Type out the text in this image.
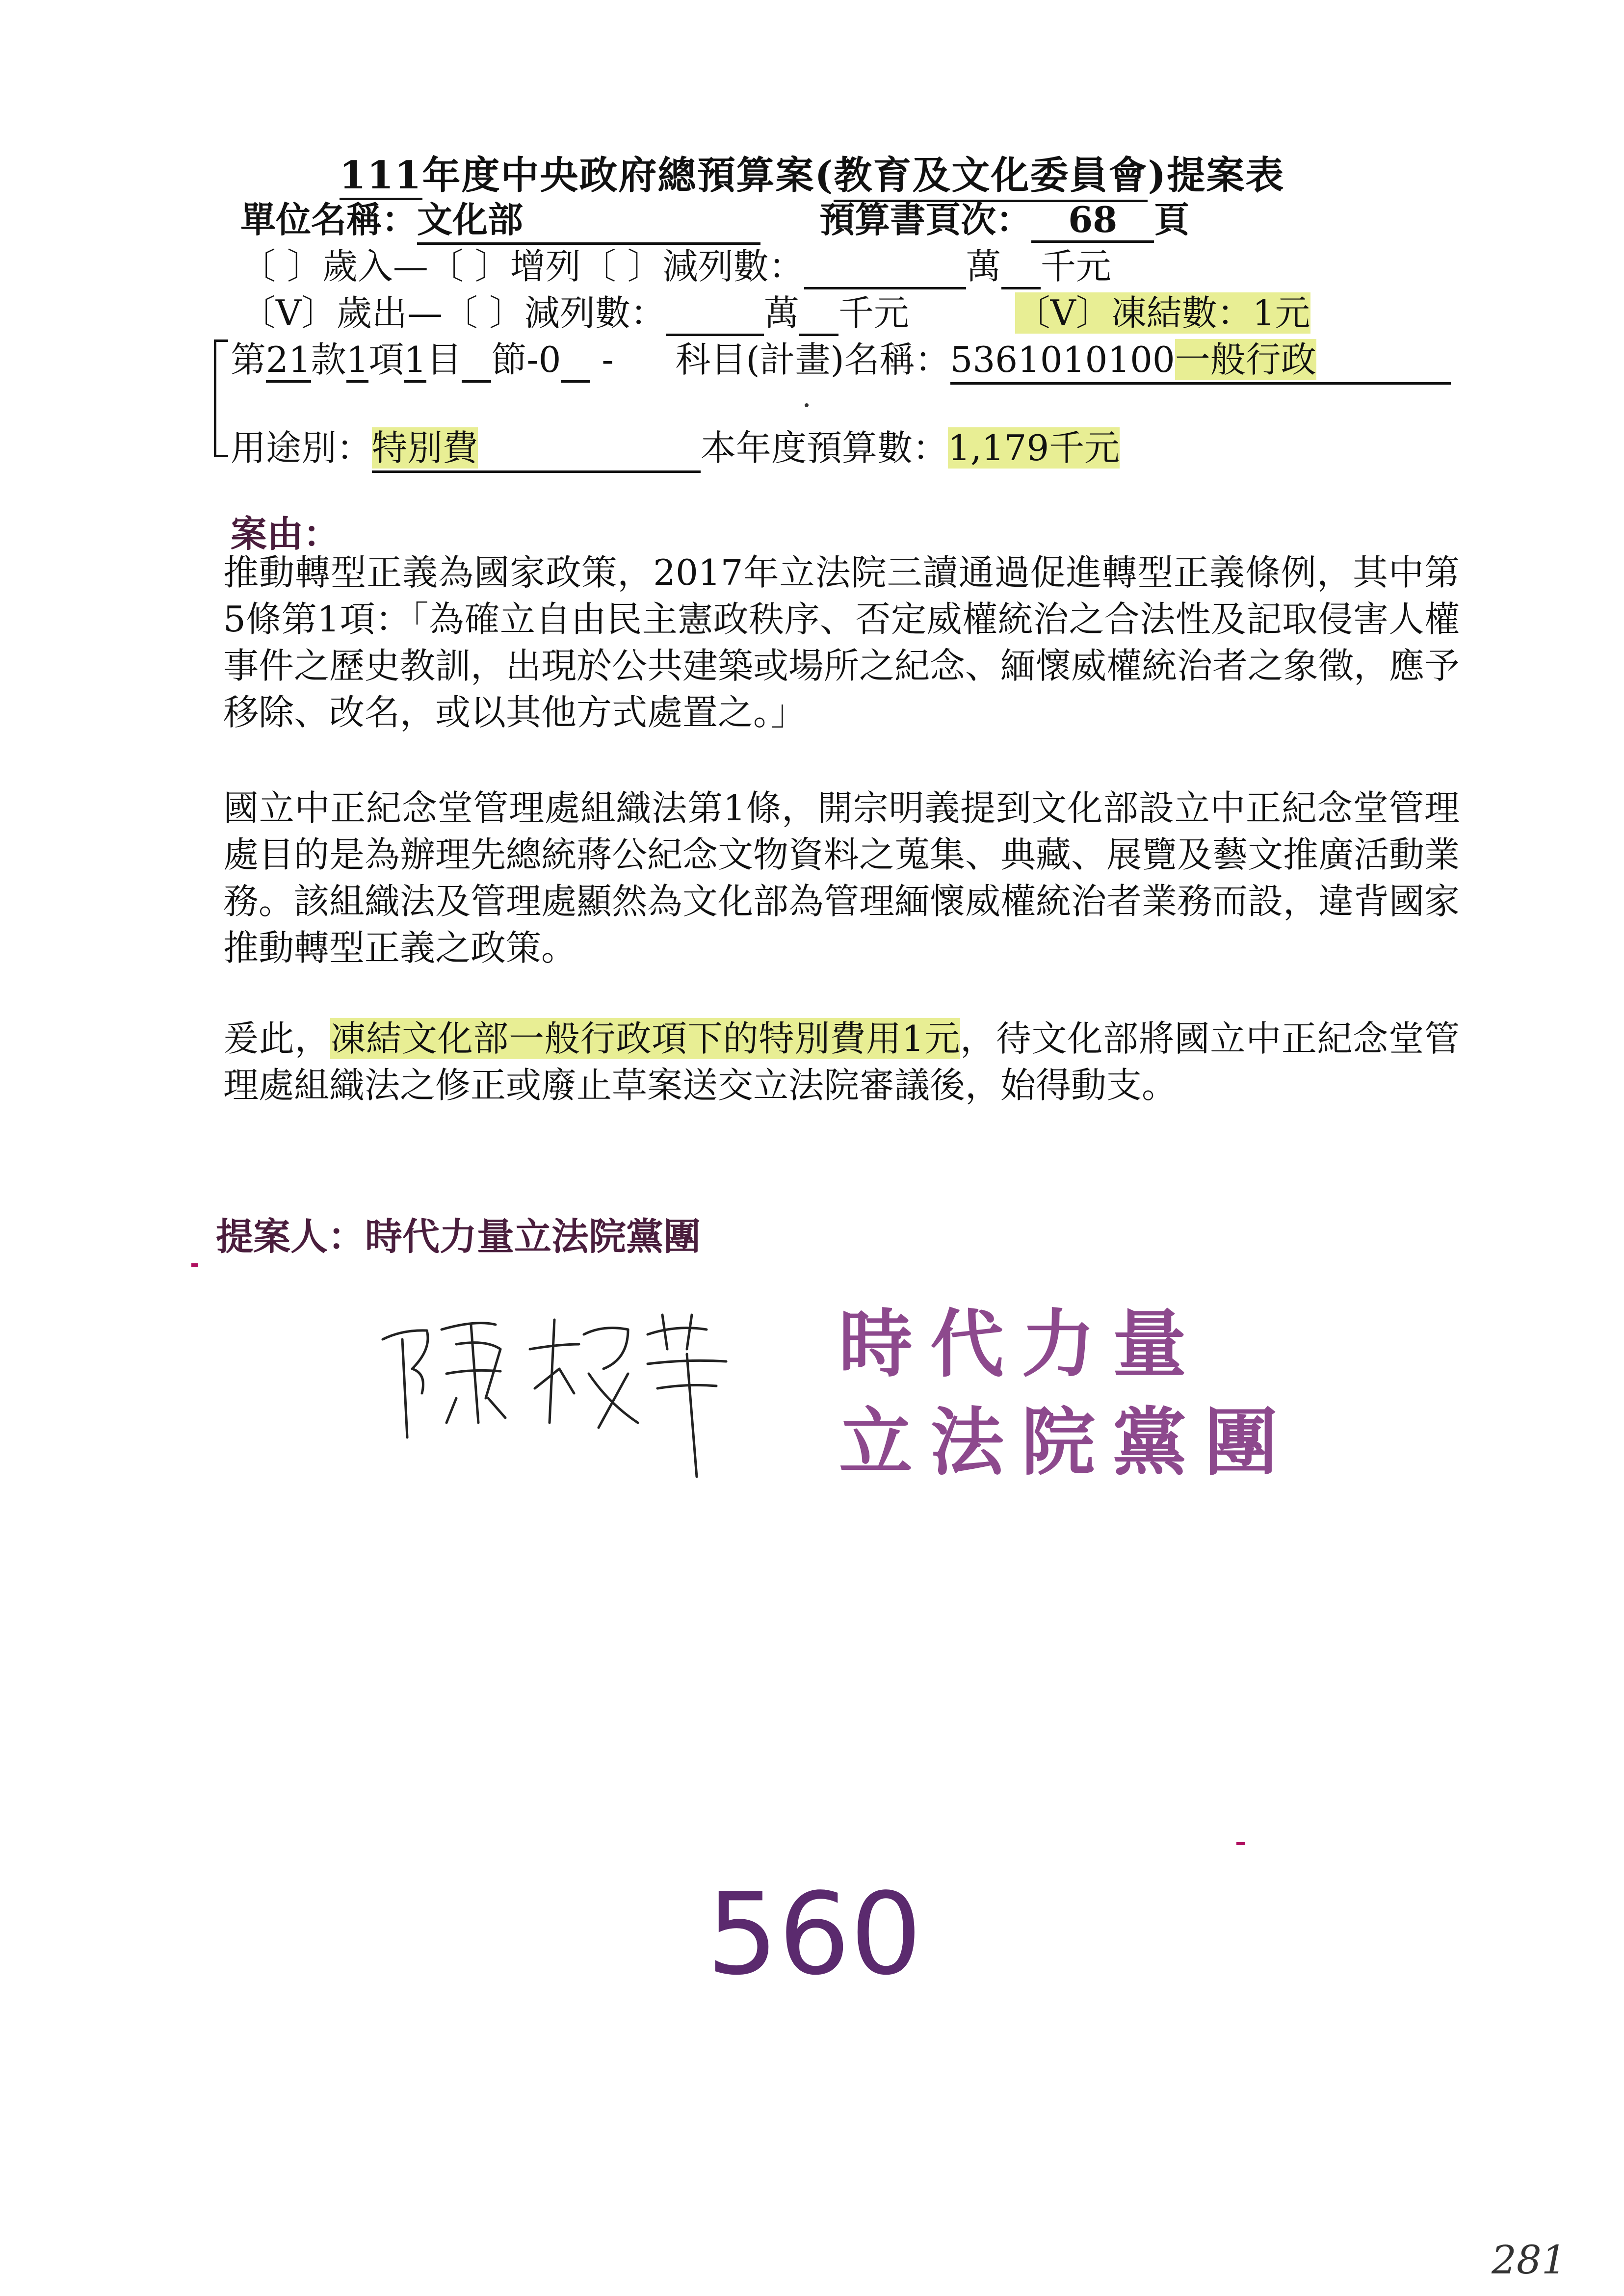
111年度中央政府總預算案(教育及文化委員會)提案表
單位名稱：文化部	預算書頁次： 68 頁
〔 〕歲入—〔 〕增列〔 〕減列數：	萬 千元
〔V〕歲出—〔 〕減列數：	萬 千元	〔V〕凍結數：1元
第21款1項1目 節-0 - 科目(計畫)名稱：5361010100一般行政
用途別：特別費	本年度預算數：1,179千元
案由：
推動轉型正義為國家政策，2017年立法院三讀通過促進轉型正義條例，其中第5條第1項：「為確立自由民主憲政秩序、否定威權統治之合法性及記取侵害人權事件之歷史教訓，出現於公共建築或場所之紀念、緬懷威權統治者之象徵，應予移除、改名，或以其他方式處置之。」
國立中正紀念堂管理處組織法第1條，開宗明義提到文化部設立中正紀念堂管理處目的是為辦理先總統蔣公紀念文物資料之蒐集、典藏、展覽及藝文推廣活動業務。該組織法及管理處顯然為文化部為管理緬懷威權統治者業務而設，違背國家推動轉型正義之政策。
爰此，凍結文化部一般行政項下的特別費用1元，待文化部將國立中正紀念堂管理處組織法之修正或廢止草案送交立法院審議後，始得動支。
提案人：時代力量立法院黨團
時代力量
立法院黨團
560
281
